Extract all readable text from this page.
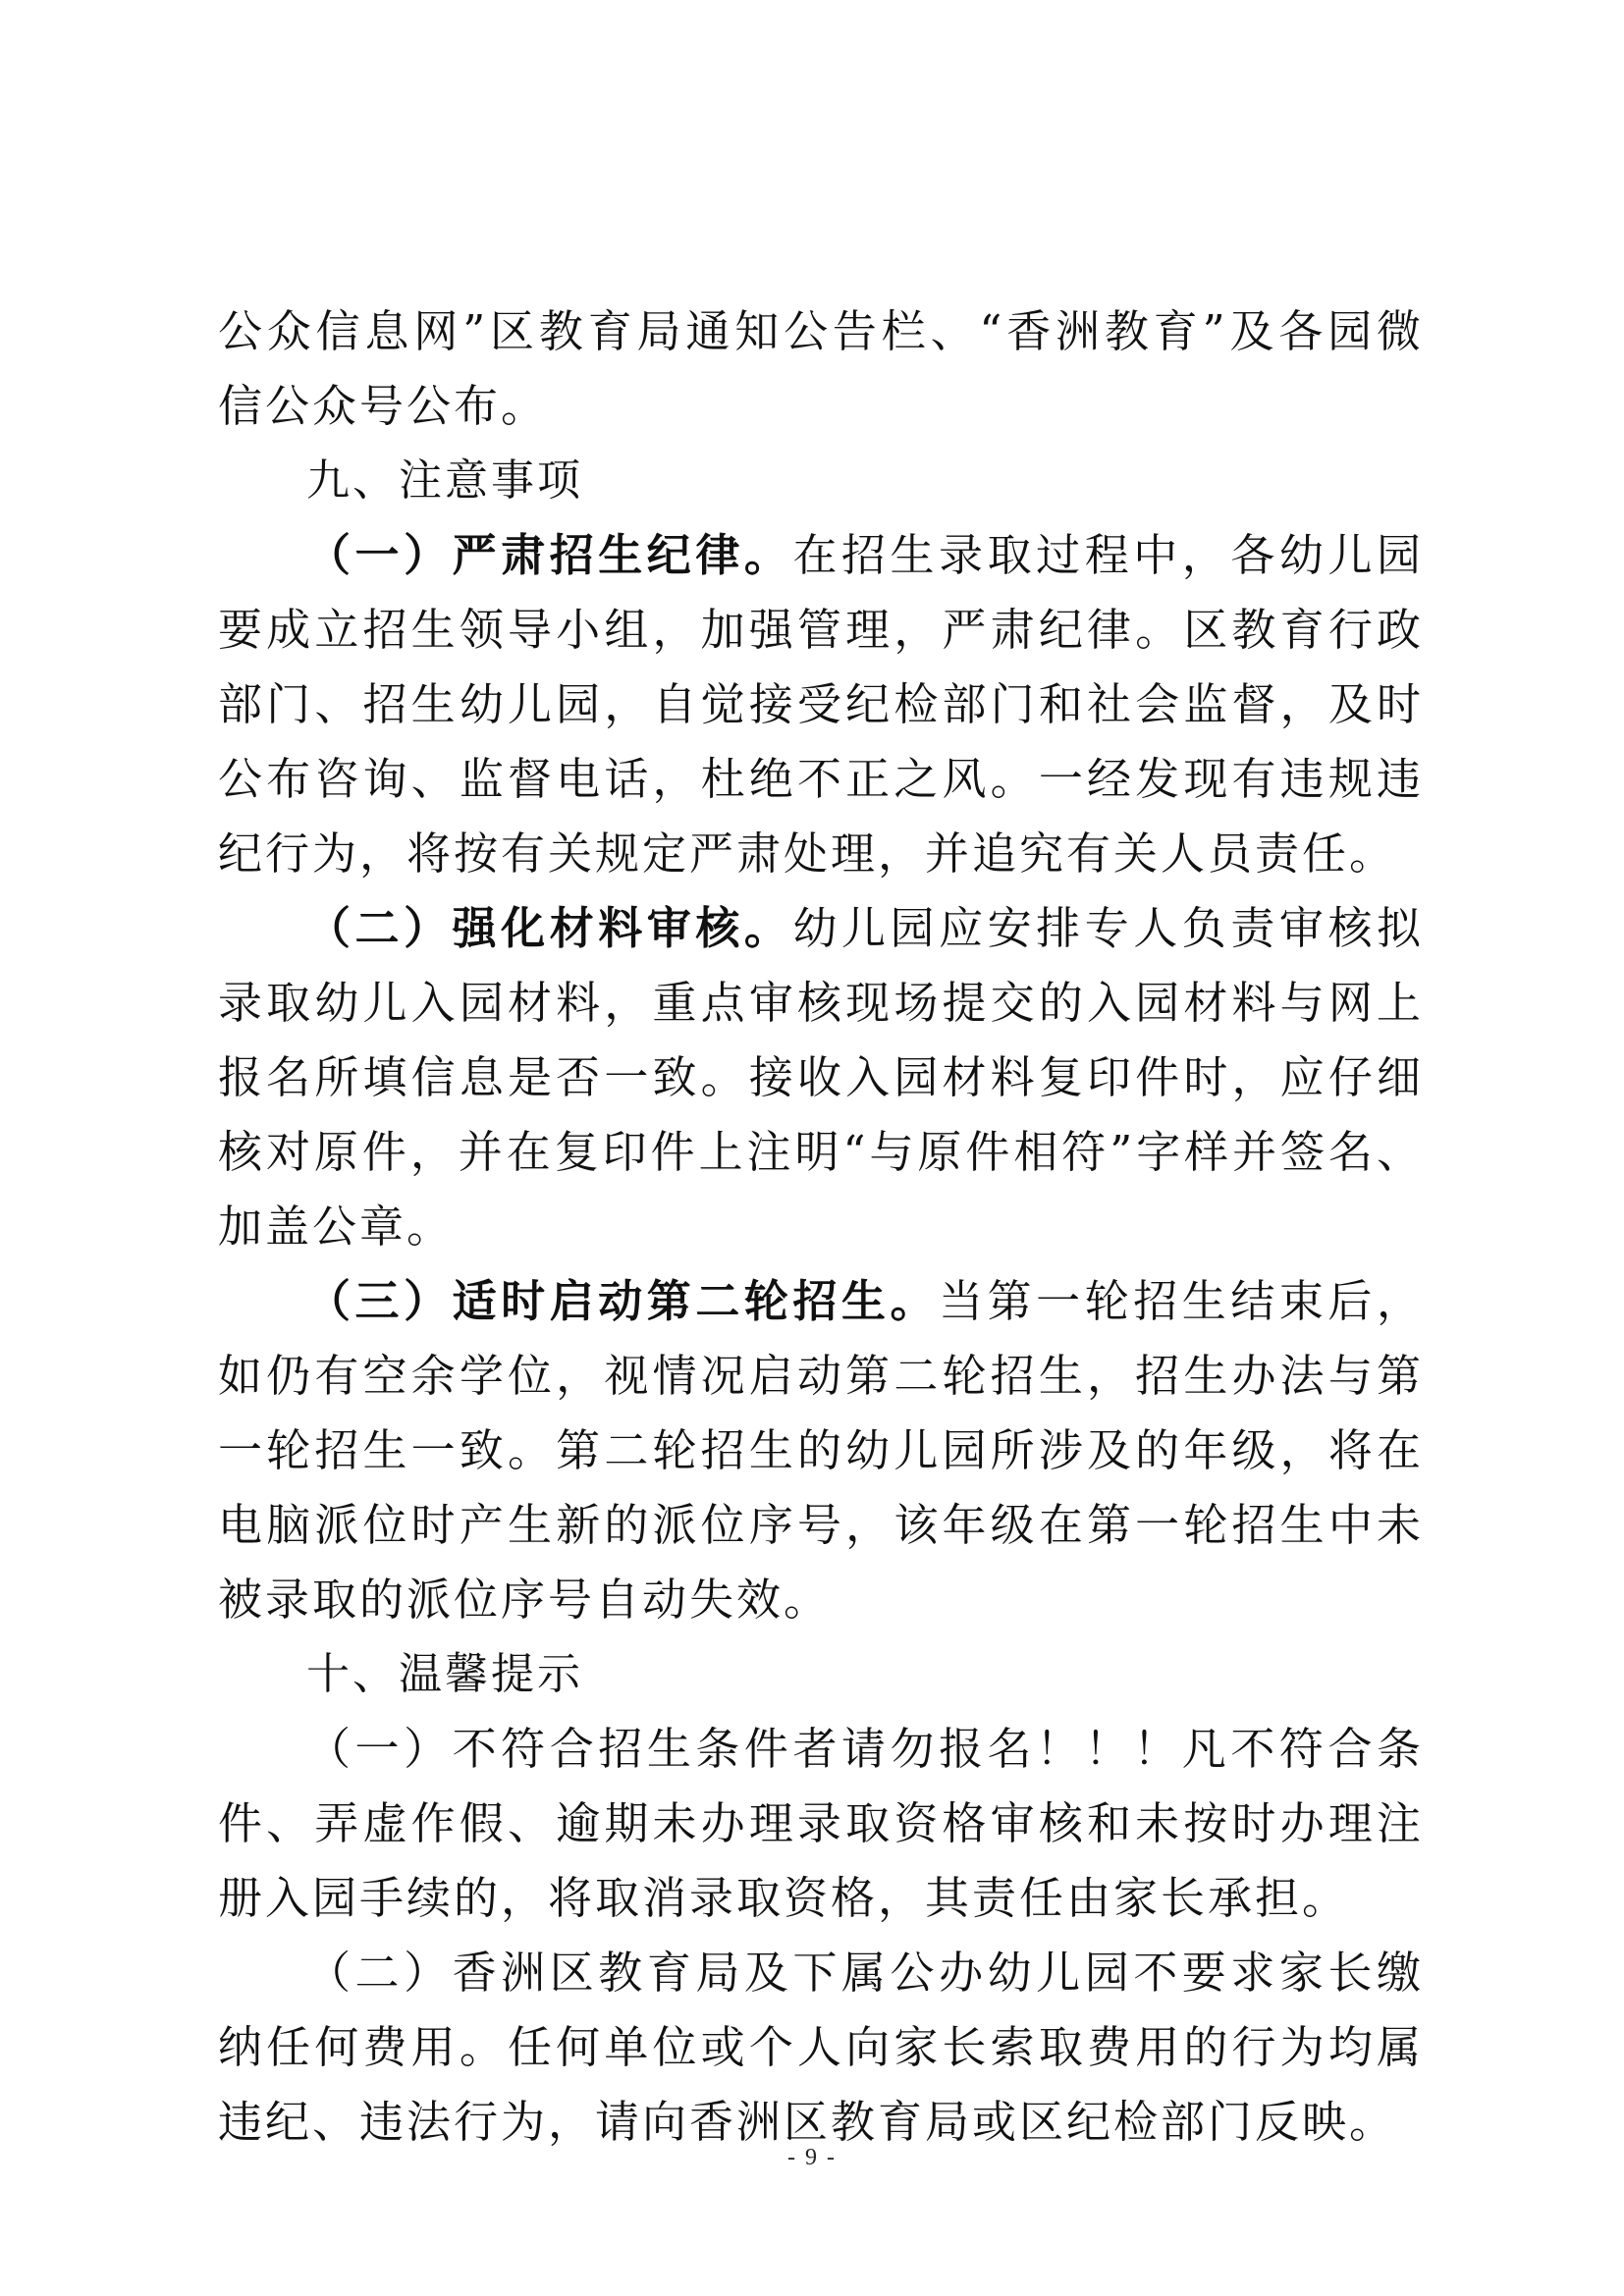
公众信息网”区教育局通知公告栏、“香洲教育”及各园微信公众号公布。

九、注意事项

（一）严肃招生纪律。在招生录取过程中，各幼儿园要成立招生领导小组，加强管理，严肃纪律。区教育行政部门、招生幼儿园，自觉接受纪检部门和社会监督，及时公布咨询、监督电话，杜绝不正之风。一经发现有违规违纪行为，将按有关规定严肃处理，并追究有关人员责任。

（二）强化材料审核。幼儿园应安排专人负责审核拟录取幼儿入园材料，重点审核现场提交的入园材料与网上报名所填信息是否一致。接收入园材料复印件时，应仔细核对原件，并在复印件上注明“与原件相符”字样并签名、加盖公章。

（三）适时启动第二轮招生。当第一轮招生结束后，如仍有空余学位，视情况启动第二轮招生，招生办法与第一轮招生一致。第二轮招生的幼儿园所涉及的年级，将在电脑派位时产生新的派位序号，该年级在第一轮招生中未被录取的派位序号自动失效。

十、温馨提示

（一）不符合招生条件者请勿报名！！！凡不符合条件、弄虚作假、逾期未办理录取资格审核和未按时办理注册入园手续的，将取消录取资格，其责任由家长承担。

（二）香洲区教育局及下属公办幼儿园不要求家长缴纳任何费用。任何单位或个人向家长索取费用的行为均属违纪、违法行为，请向香洲区教育局或区纪检部门反映。

- 9 -
